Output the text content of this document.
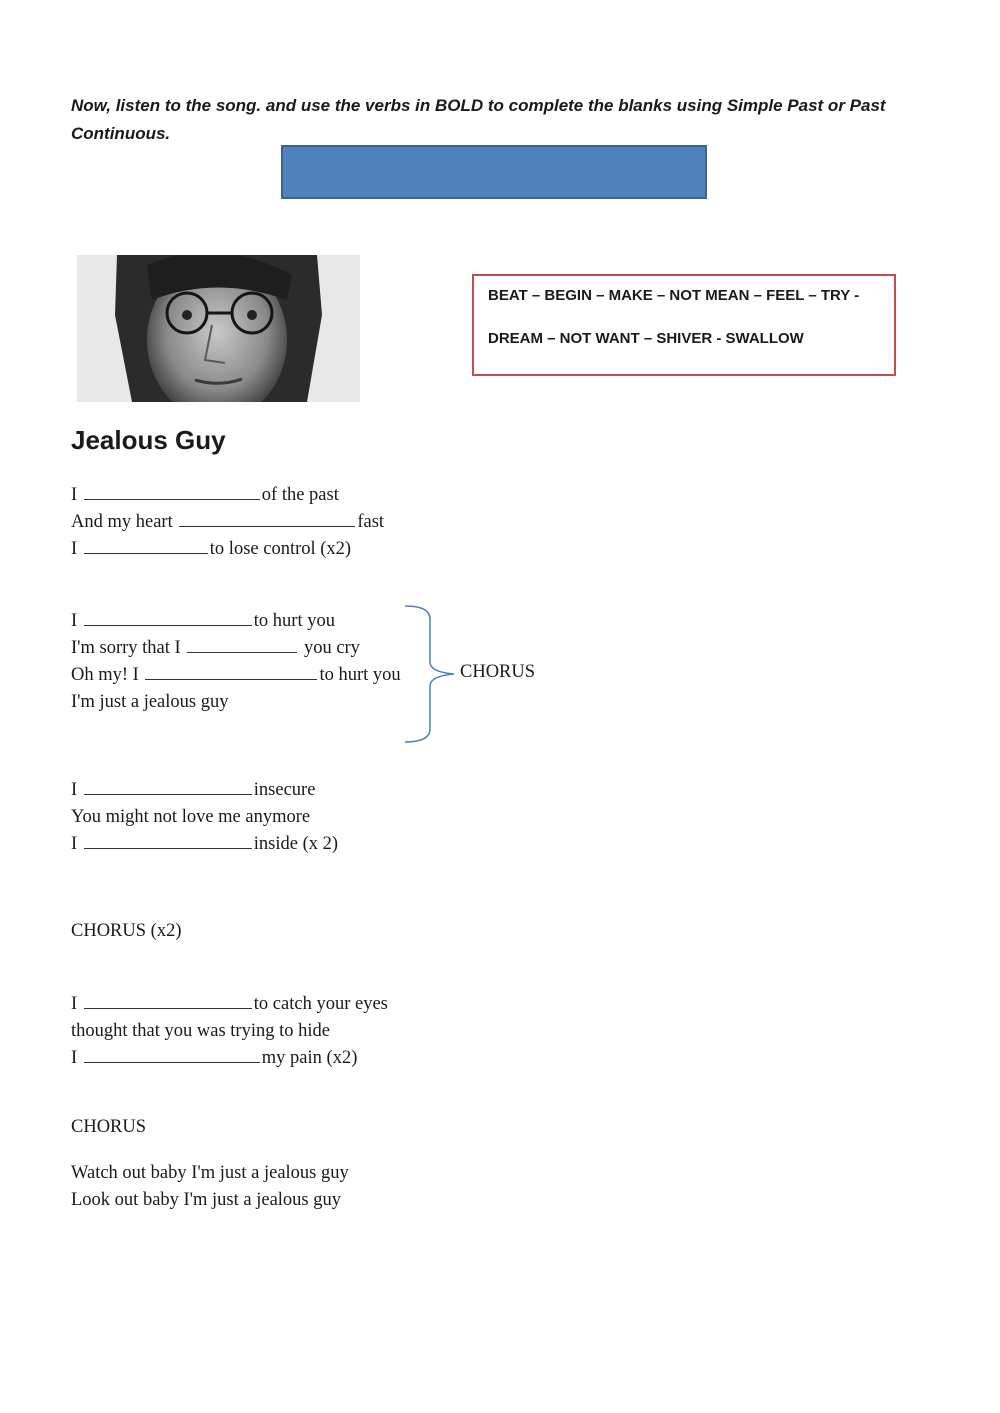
Now, listen to the song. and use the verbs in BOLD to complete the blanks using Simple Past or Past Continuous.

BEAT – BEGIN – MAKE – NOT MEAN – FEEL – TRY -
DREAM – NOT WANT – SHIVER - SWALLOW
Jealous Guy
I	of the past
And my heart	fast
I	to lose control (x2)
I	to hurt you
I'm sorry that I	you cry
Oh my! I	to hurt you
I'm just a jealous guy
CHORUS
I	insecure
You might not love me anymore
I	inside (x 2)
CHORUS (x2)
I	to catch your eyes
thought that you was trying to hide
I	my pain (x2)
CHORUS
Watch out baby I'm just a jealous guy
Look out baby I'm just a jealous guy
